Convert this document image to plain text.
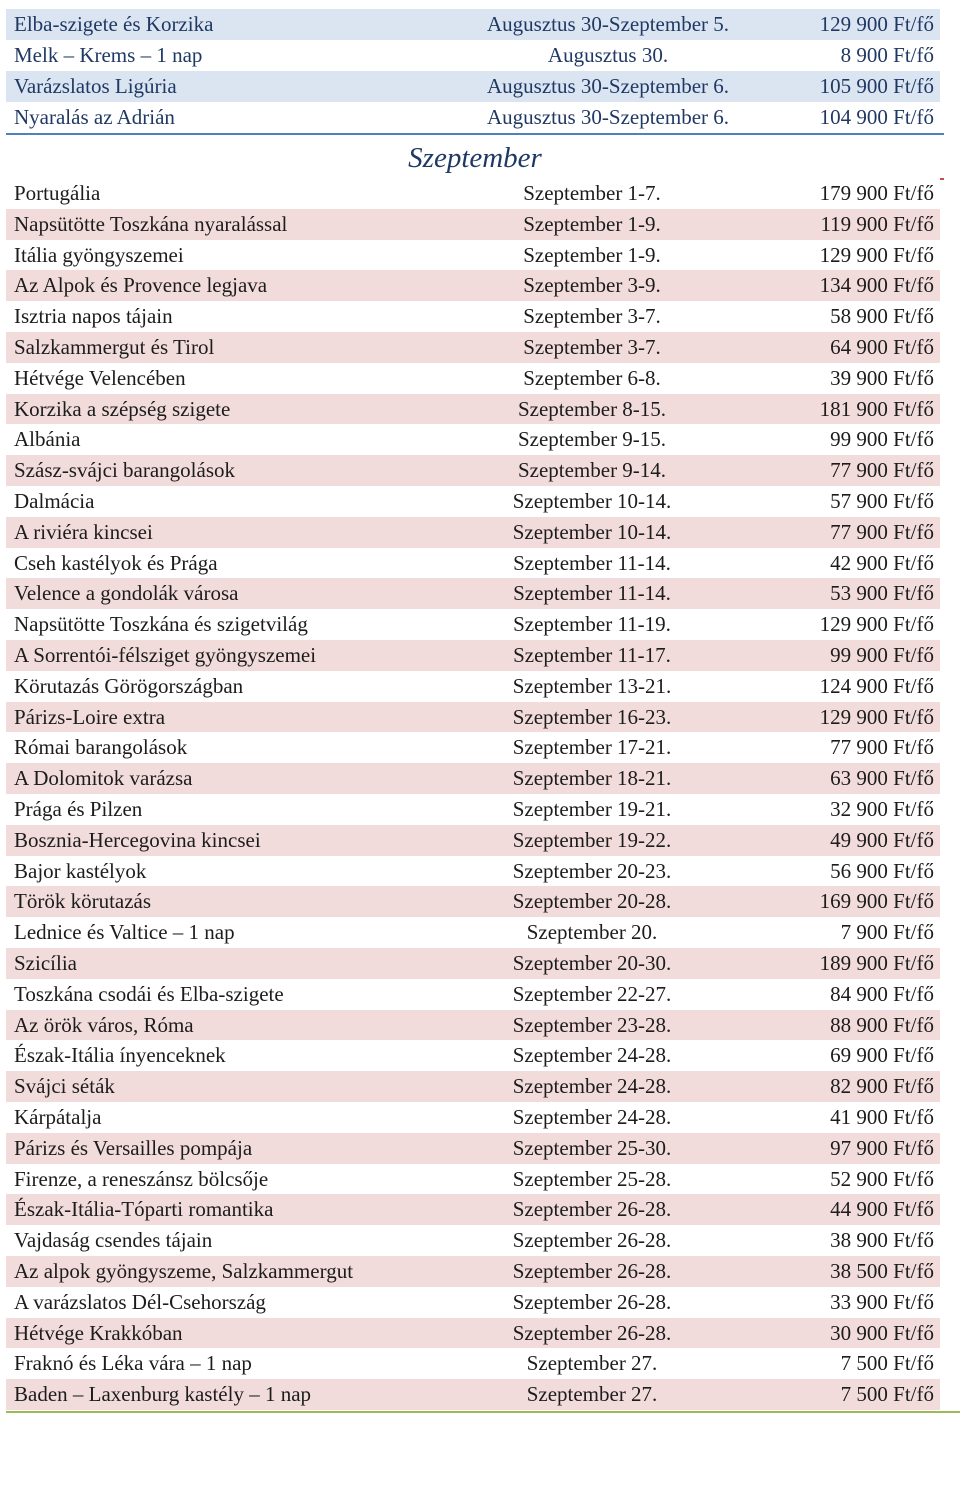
Elba-szigete és Korzika	Augusztus 30-Szeptember 5.	129 900 Ft/fő
Melk – Krems – 1 nap	Augusztus 30.	8 900 Ft/fő
Varázslatos Ligúria	Augusztus 30-Szeptember 6.	105 900 Ft/fő
Nyaralás az Adrián	Augusztus 30-Szeptember 6.	104 900 Ft/fő
Szeptember
Portugália	Szeptember 1-7.	179 900 Ft/fő
Napsütötte Toszkána nyaralással	Szeptember 1-9.	119 900 Ft/fő
Itália gyöngyszemei	Szeptember 1-9.	129 900 Ft/fő
Az Alpok és Provence legjava	Szeptember 3-9.	134 900 Ft/fő
Isztria napos tájain	Szeptember 3-7.	58 900 Ft/fő
Salzkammergut és Tirol	Szeptember 3-7.	64 900 Ft/fő
Hétvége Velencében	Szeptember 6-8.	39 900 Ft/fő
Korzika a szépség szigete	Szeptember 8-15.	181 900 Ft/fő
Albánia	Szeptember 9-15.	99 900 Ft/fő
Szász-svájci barangolások	Szeptember 9-14.	77 900 Ft/fő
Dalmácia	Szeptember 10-14.	57 900 Ft/fő
A riviéra kincsei	Szeptember 10-14.	77 900 Ft/fő
Cseh kastélyok és Prága	Szeptember 11-14.	42 900 Ft/fő
Velence a gondolák városa	Szeptember 11-14.	53 900 Ft/fő
Napsütötte Toszkána és szigetvilág	Szeptember 11-19.	129 900 Ft/fő
A Sorrentói-félsziget gyöngyszemei	Szeptember 11-17.	99 900 Ft/fő
Körutazás Görögországban	Szeptember 13-21.	124 900 Ft/fő
Párizs-Loire extra	Szeptember 16-23.	129 900 Ft/fő
Római barangolások	Szeptember 17-21.	77 900 Ft/fő
A Dolomitok varázsa	Szeptember 18-21.	63 900 Ft/fő
Prága és Pilzen	Szeptember 19-21.	32 900 Ft/fő
Bosznia-Hercegovina kincsei	Szeptember 19-22.	49 900 Ft/fő
Bajor kastélyok	Szeptember 20-23.	56 900 Ft/fő
Török körutazás	Szeptember 20-28.	169 900 Ft/fő
Lednice és Valtice – 1 nap	Szeptember 20.	7 900 Ft/fő
Szicília	Szeptember 20-30.	189 900 Ft/fő
Toszkána csodái és Elba-szigete	Szeptember 22-27.	84 900 Ft/fő
Az örök város, Róma	Szeptember 23-28.	88 900 Ft/fő
Észak-Itália ínyenceknek	Szeptember 24-28.	69 900 Ft/fő
Svájci séták	Szeptember 24-28.	82 900 Ft/fő
Kárpátalja	Szeptember 24-28.	41 900 Ft/fő
Párizs és Versailles pompája	Szeptember 25-30.	97 900 Ft/fő
Firenze, a reneszánsz bölcsője	Szeptember 25-28.	52 900 Ft/fő
Észak-Itália-Tóparti romantika	Szeptember 26-28.	44 900 Ft/fő
Vajdaság csendes tájain	Szeptember 26-28.	38 900 Ft/fő
Az alpok gyöngyszeme, Salzkammergut	Szeptember 26-28.	38 500 Ft/fő
A varázslatos Dél-Csehország	Szeptember 26-28.	33 900 Ft/fő
Hétvége Krakkóban	Szeptember 26-28.	30 900 Ft/fő
Fraknó és Léka vára – 1 nap	Szeptember 27.	7 500 Ft/fő
Baden – Laxenburg kastély – 1 nap	Szeptember 27.	7 500 Ft/fő
